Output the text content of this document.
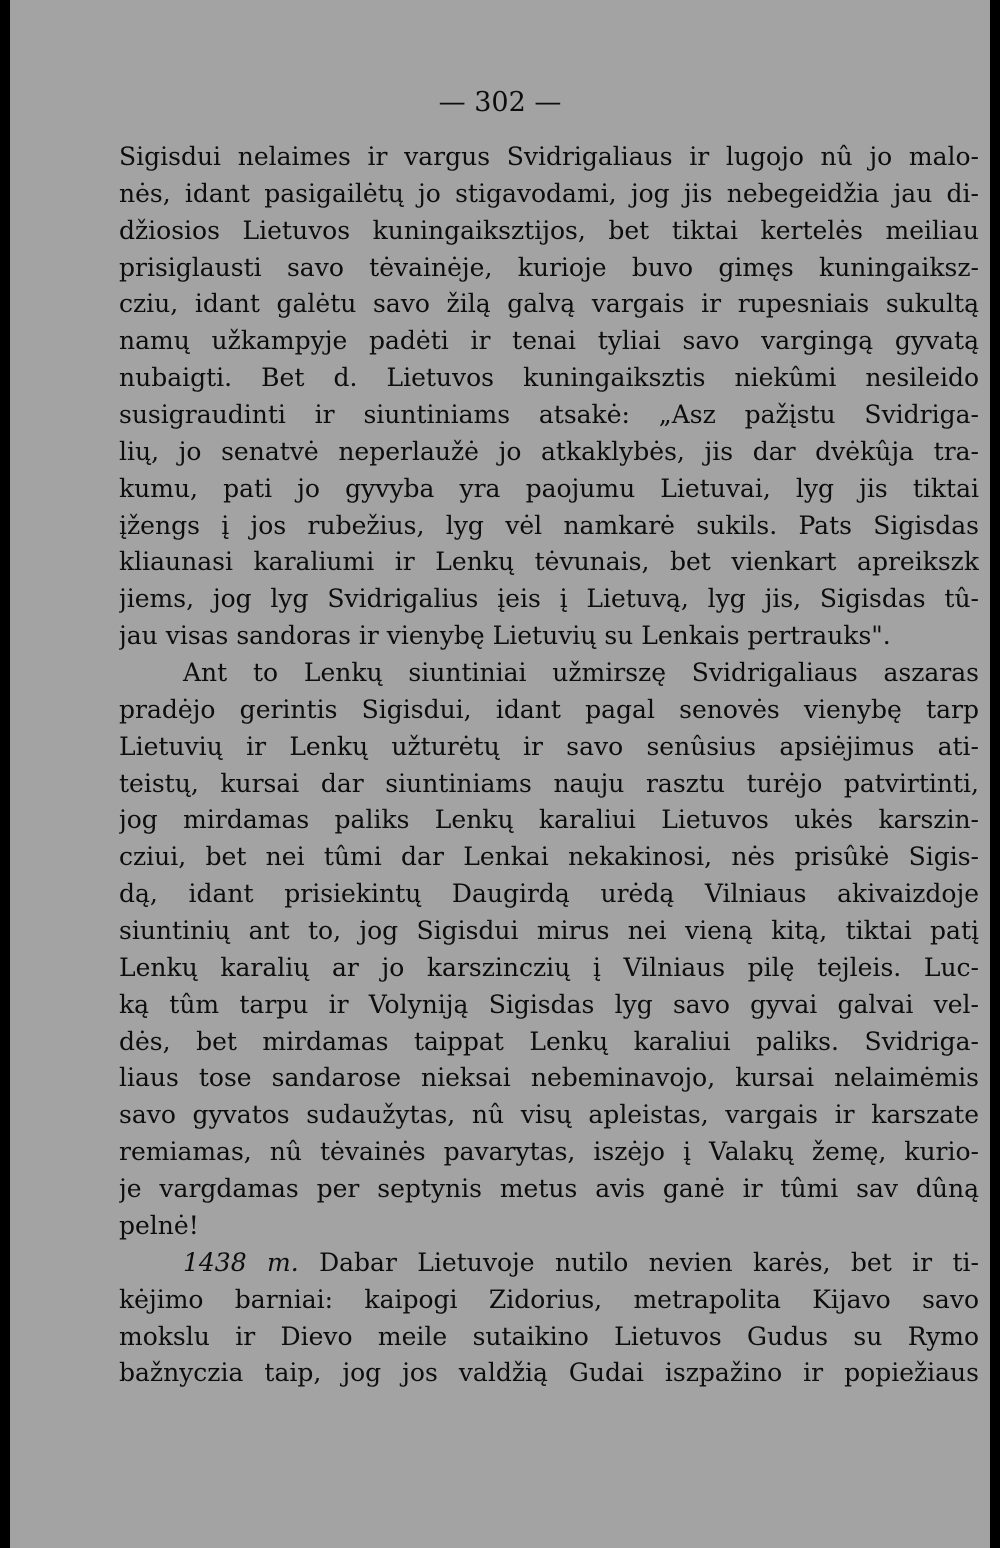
— 302 —
Sigisdui nelaimes ir vargus Svidrigaliaus ir lugojo nû jo malo-
nės, idant pasigailėtų jo stigavodami, jog jis nebegeidžia jau di-
džiosios Lietuvos kuningaiksztijos, bet tiktai kertelės meiliau
prisiglausti savo tėvainėje, kurioje buvo gimęs kuningaiksz-
cziu, idant galėtu savo žilą galvą vargais ir rupesniais sukultą
namų užkampyje padėti ir tenai tyliai savo vargingą gyvatą
nubaigti. Bet d. Lietuvos kuningaiksztis niekûmi nesileido
susigraudinti ir siuntiniams atsakė: „Asz pažįstu Svidriga-
lių, jo senatvė neperlaužė jo atkaklybės, jis dar dvėkûja tra-
kumu, pati jo gyvyba yra paojumu Lietuvai, lyg jis tiktai
įžengs į jos rubežius, lyg vėl namkarė sukils. Pats Sigisdas
kliaunasi karaliumi ir Lenkų tėvunais, bet vienkart apreikszk
jiems, jog lyg Svidrigalius įeis į Lietuvą, lyg jis, Sigisdas tû-
jau visas sandoras ir vienybę Lietuvių su Lenkais pertrauks".
Ant to Lenkų siuntiniai užmirszę Svidrigaliaus aszaras
pradėjo gerintis Sigisdui, idant pagal senovės vienybę tarp
Lietuvių ir Lenkų užturėtų ir savo senûsius apsiėjimus ati-
teistų, kursai dar siuntiniams nauju rasztu turėjo patvirtinti,
jog mirdamas paliks Lenkų karaliui Lietuvos ukės karszin-
cziui, bet nei tûmi dar Lenkai nekakinosi, nės prisûkė Sigis-
dą, idant prisiekintų Daugirdą urėdą Vilniaus akivaizdoje
siuntinių ant to, jog Sigisdui mirus nei vieną kitą, tiktai patį
Lenkų karalių ar jo karszinczių į Vilniaus pilę tejleis. Luc-
ką tûm tarpu ir Volyniją Sigisdas lyg savo gyvai galvai vel-
dės, bet mirdamas taippat Lenkų karaliui paliks. Svidriga-
liaus tose sandarose nieksai nebeminavojo, kursai nelaimėmis
savo gyvatos sudaužytas, nû visų apleistas, vargais ir karszate
remiamas, nû tėvainės pavarytas, iszėjo į Valakų žemę, kurio-
je vargdamas per septynis metus avis ganė ir tûmi sav dûną
pelnė!
1438 m. Dabar Lietuvoje nutilo nevien karės, bet ir ti-
kėjimo barniai: kaipogi Zidorius, metrapolita Kijavo savo
mokslu ir Dievo meile sutaikino Lietuvos Gudus su Rymo
bažnyczia taip, jog jos valdžią Gudai iszpažino ir popiežiaus
